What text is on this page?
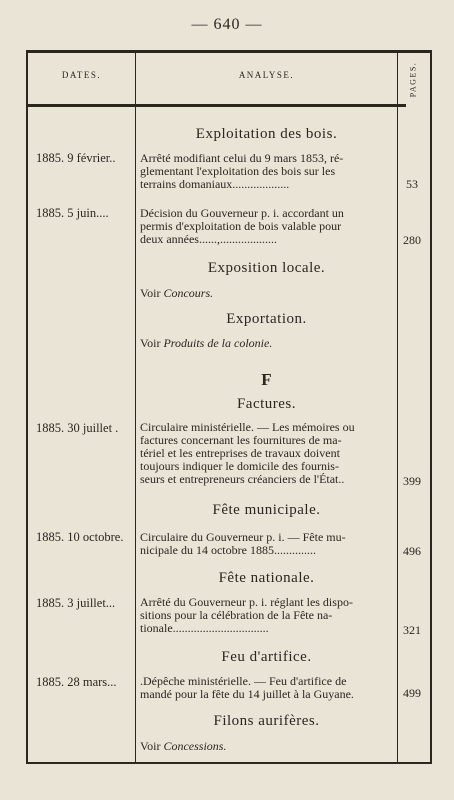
— 640 —
DATES.	ANALYSE.	PAGES.
Exploitation des bois.
1885. 9 février..	Arrêté modifiant celui du 9 mars 1853, ré-
glementant l'exploitation des bois sur les
terrains domaniaux...................	53
1885. 5 juin....	Décision du Gouverneur p. i. accordant un
permis d'exploitation de bois valable pour
deux années......,...................	280
Exposition locale.
Voir Concours.
Exportation.
Voir Produits de la colonie.
F
Factures.
1885. 30 juillet .	Circulaire ministérielle. — Les mémoires ou
factures concernant les fournitures de ma-
tériel et les entreprises de travaux doivent
toujours indiquer le domicile des fournis-
seurs et entrepreneurs créanciers de l'État..	399
Fête municipale.
1885. 10 octobre.	Circulaire du Gouverneur p. i. — Fête mu-
nicipale du 14 octobre 1885..............	496
Fête nationale.
1885. 3 juillet...	Arrêté du Gouverneur p. i. réglant les dispo-
sitions pour la célébration de la Fête na-
tionale................................	321
Feu d'artifice.
1885. 28 mars...	.Dépêche ministérielle. — Feu d'artifice de
mandé pour la fête du 14 juillet à la Guyane.	499
Filons aurifères.
Voir Concessions.
